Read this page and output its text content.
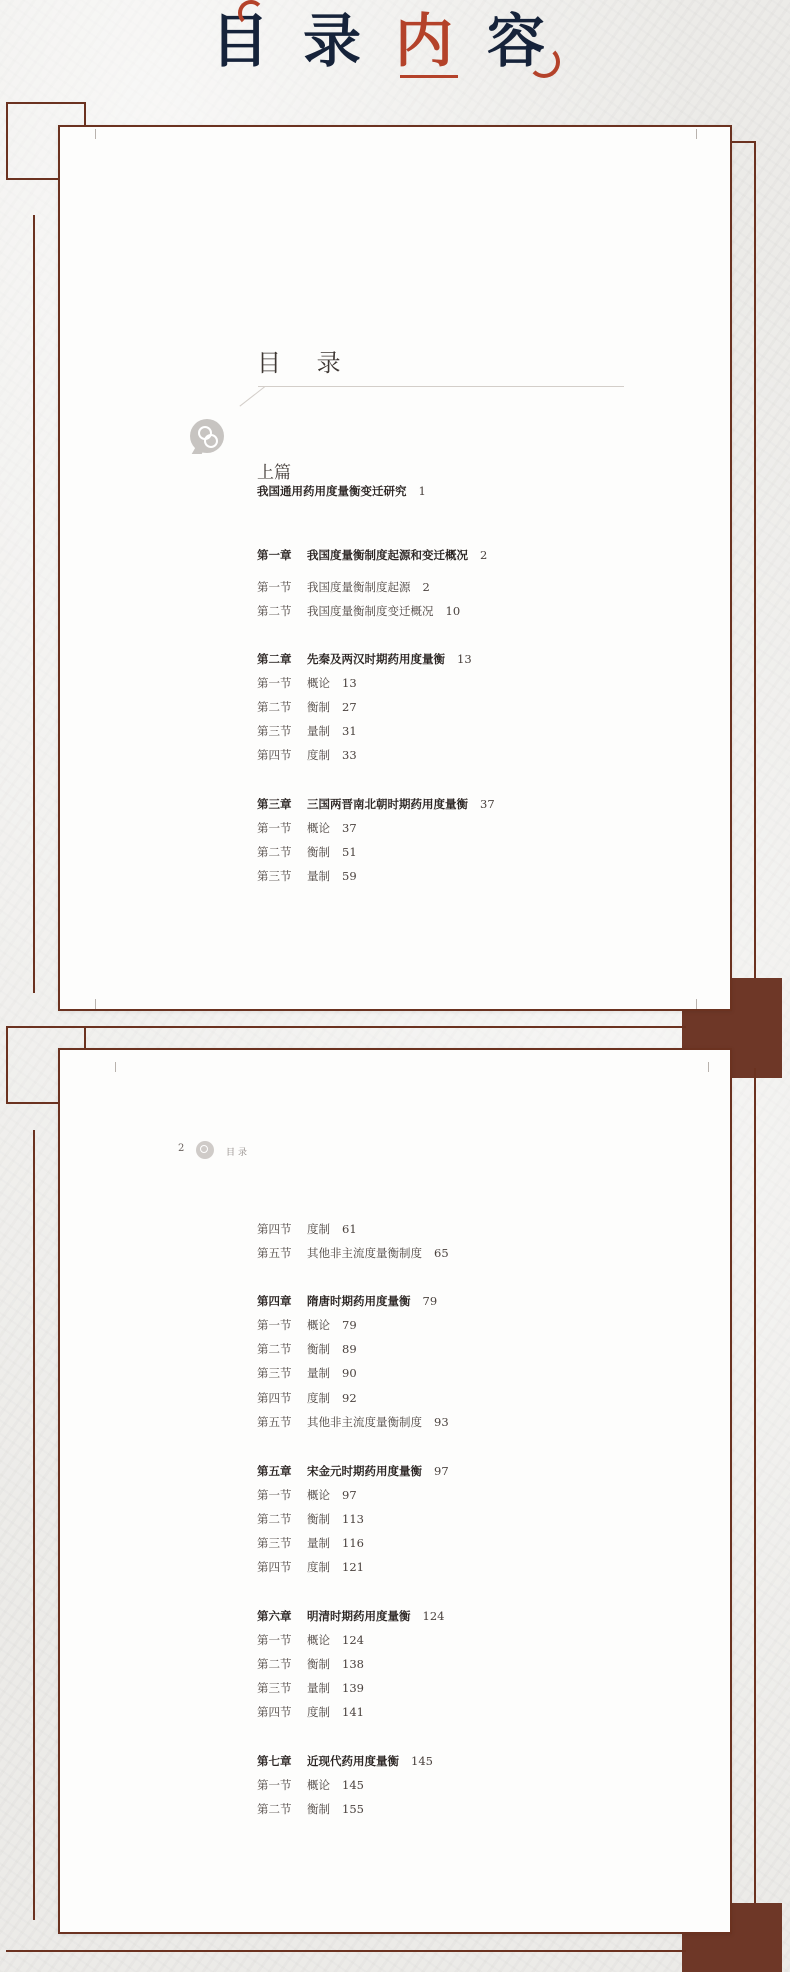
目录内容
目 录
上篇
我国通用药用度量衡变迁研究 1
第一章 我国度量衡制度起源和变迁概况 2
第一节 我国度量衡制度起源 2
第二节 我国度量衡制度变迁概况 10
第二章 先秦及两汉时期药用度量衡 13
第一节 概论 13
第二节 衡制 27
第三节 量制 31
第四节 度制 33
第三章 三国两晋南北朝时期药用度量衡 37
第一节 概论 37
第二节 衡制 51
第三节 量制 59
2	目录
第四节 度制 61
第五节 其他非主流度量衡制度 65
第四章 隋唐时期药用度量衡 79
第一节 概论 79
第二节 衡制 89
第三节 量制 90
第四节 度制 92
第五节 其他非主流度量衡制度 93
第五章 宋金元时期药用度量衡 97
第一节 概论 97
第二节 衡制 113
第三节 量制 116
第四节 度制 121
第六章 明清时期药用度量衡 124
第一节 概论 124
第二节 衡制 138
第三节 量制 139
第四节 度制 141
第七章 近现代药用度量衡 145
第一节 概论 145
第二节 衡制 155
